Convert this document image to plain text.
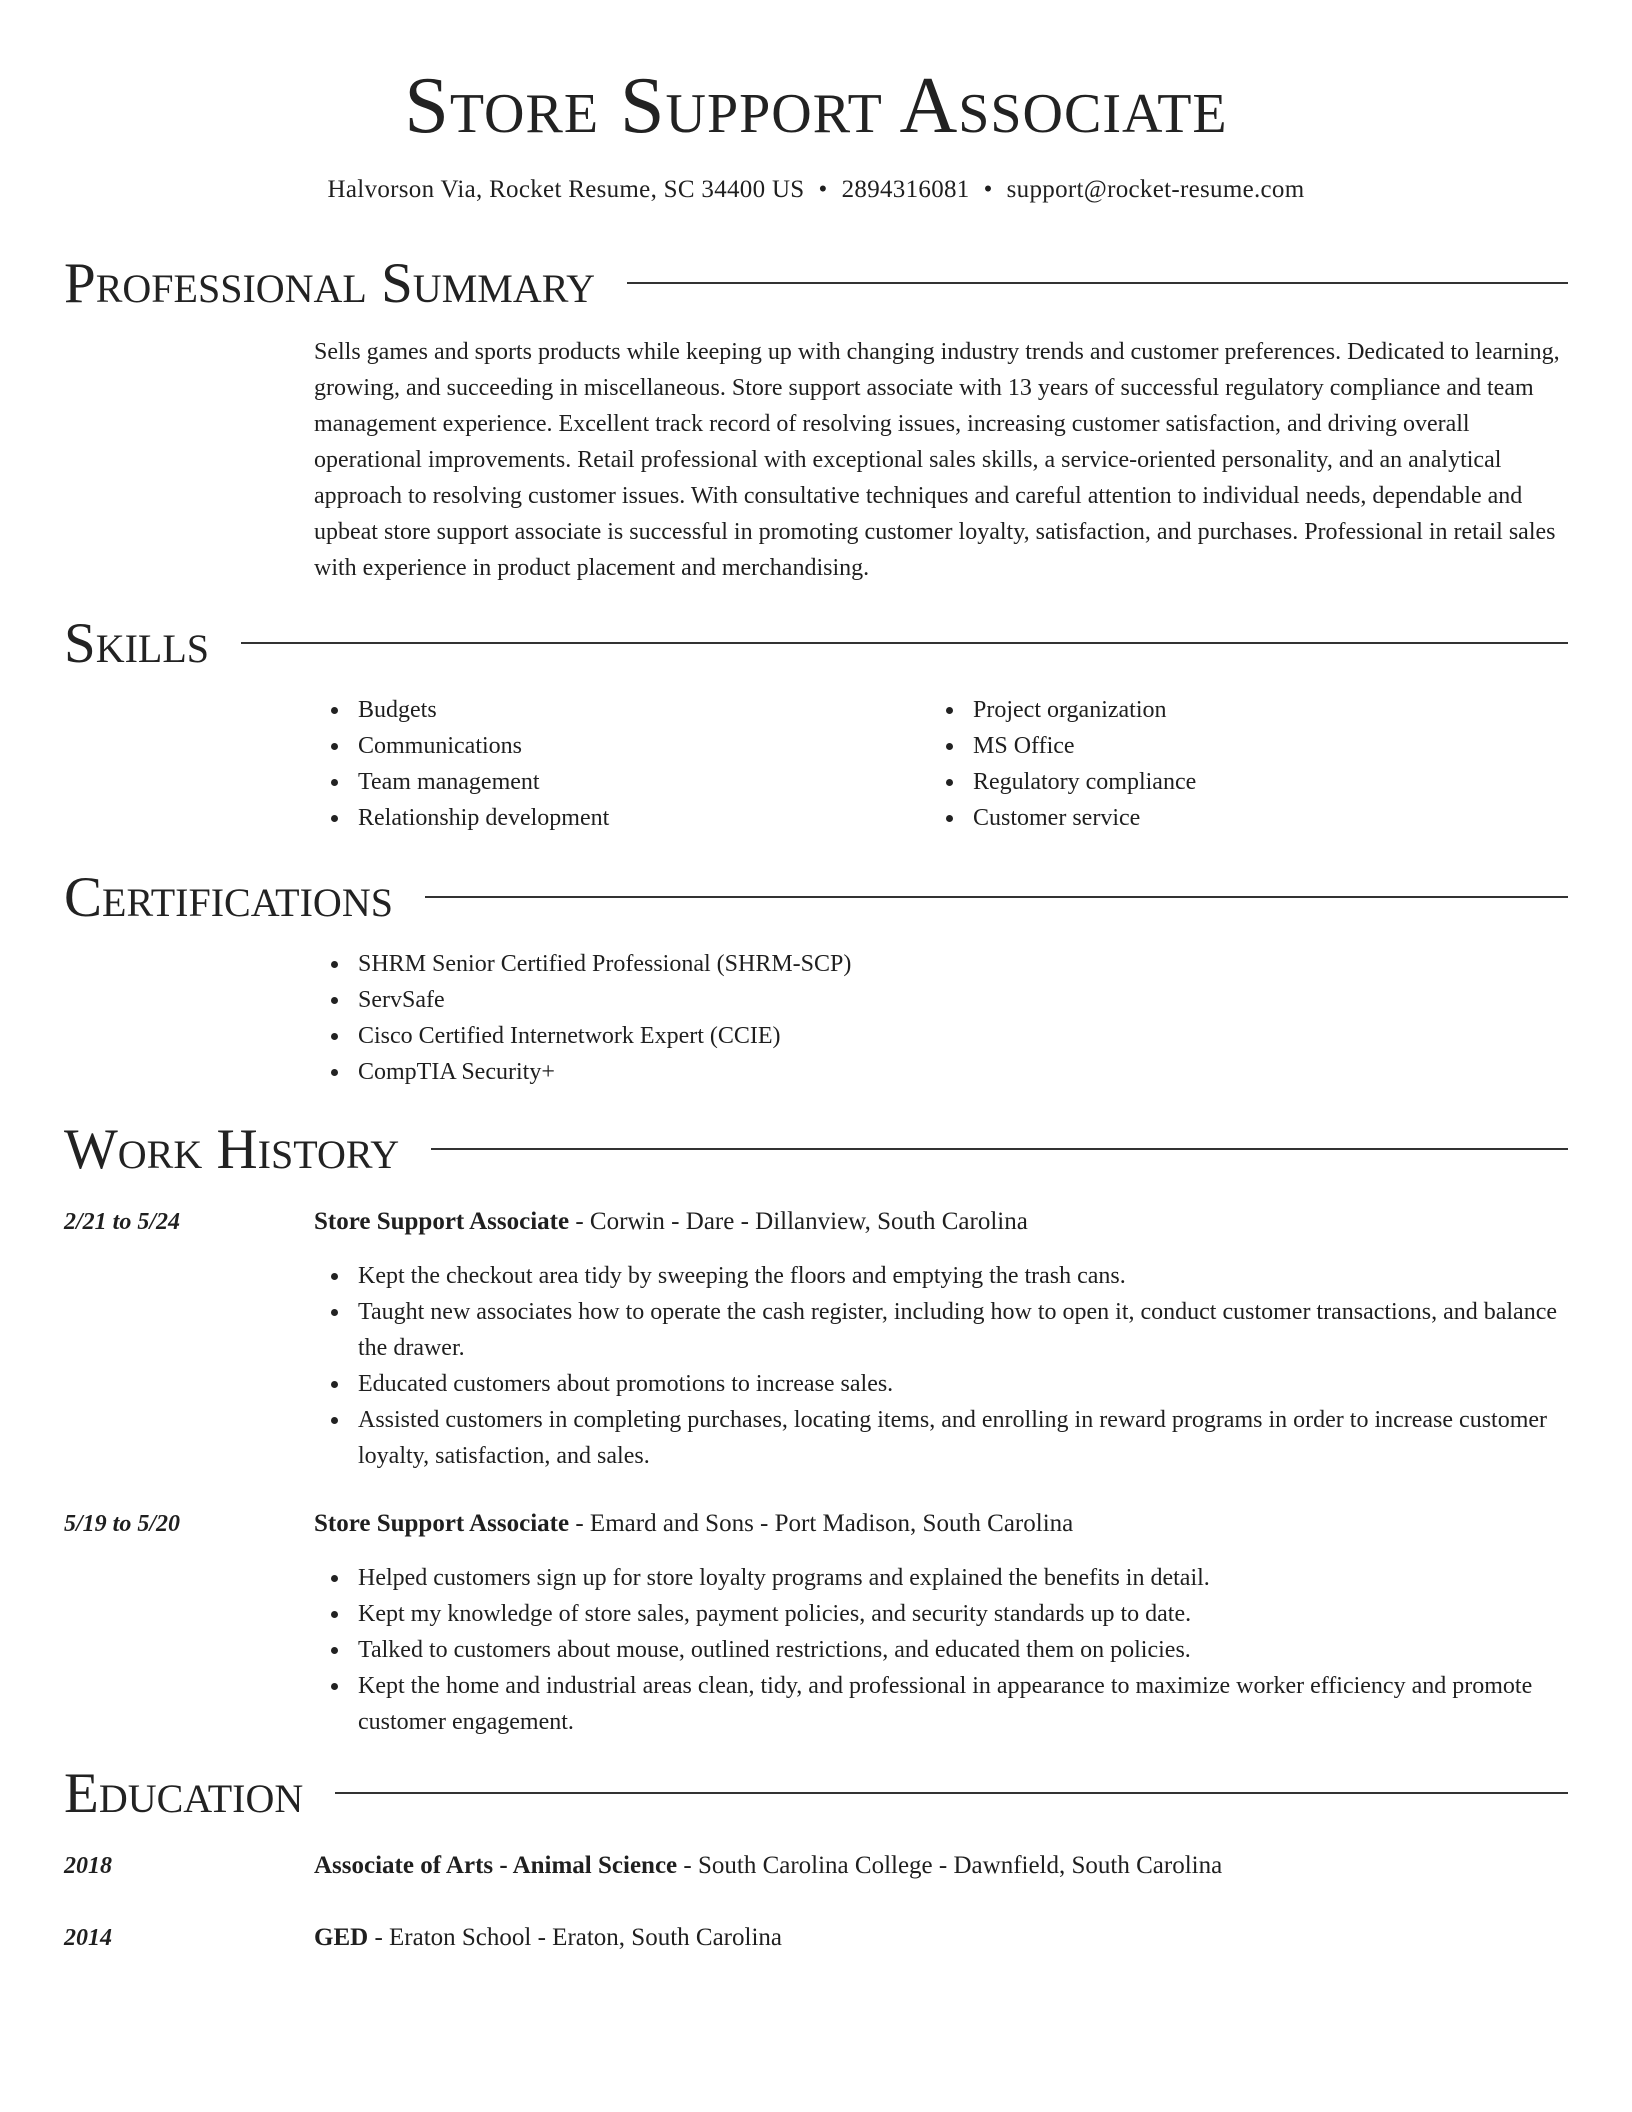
Store Support Associate
Halvorson Via, Rocket Resume, SC 34400 US • 2894316081 • support@rocket-resume.com
Professional Summary
Sells games and sports products while keeping up with changing industry trends and customer preferences. Dedicated to learning, growing, and succeeding in miscellaneous. Store support associate with 13 years of successful regulatory compliance and team management experience. Excellent track record of resolving issues, increasing customer satisfaction, and driving overall operational improvements. Retail professional with exceptional sales skills, a service-oriented personality, and an analytical approach to resolving customer issues. With consultative techniques and careful attention to individual needs, dependable and upbeat store support associate is successful in promoting customer loyalty, satisfaction, and purchases. Professional in retail sales with experience in product placement and merchandising.
Skills
Budgets
Communications
Team management
Relationship development
Project organization
MS Office
Regulatory compliance
Customer service
Certifications
SHRM Senior Certified Professional (SHRM-SCP)
ServSafe
Cisco Certified Internetwork Expert (CCIE)
CompTIA Security+
Work History
2/21 to 5/24	Store Support Associate - Corwin - Dare - Dillanview, South Carolina
Kept the checkout area tidy by sweeping the floors and emptying the trash cans.
Taught new associates how to operate the cash register, including how to open it, conduct customer transactions, and balance the drawer.
Educated customers about promotions to increase sales.
Assisted customers in completing purchases, locating items, and enrolling in reward programs in order to increase customer loyalty, satisfaction, and sales.
5/19 to 5/20	Store Support Associate - Emard and Sons - Port Madison, South Carolina
Helped customers sign up for store loyalty programs and explained the benefits in detail.
Kept my knowledge of store sales, payment policies, and security standards up to date.
Talked to customers about mouse, outlined restrictions, and educated them on policies.
Kept the home and industrial areas clean, tidy, and professional in appearance to maximize worker efficiency and promote customer engagement.
Education
2018	Associate of Arts - Animal Science - South Carolina College - Dawnfield, South Carolina
2014	GED - Eraton School - Eraton, South Carolina
